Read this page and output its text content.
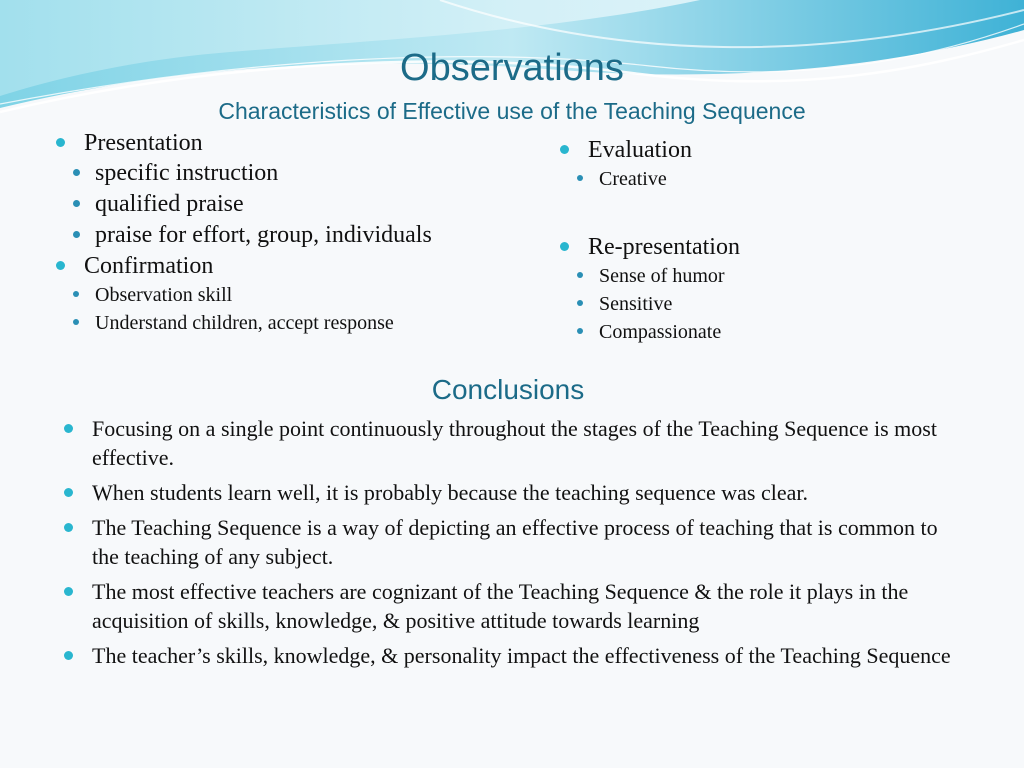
Observations
Characteristics of Effective use of the Teaching Sequence
Presentation
specific instruction
qualified praise
praise for effort, group, individuals
Confirmation
Observation skill
Understand children, accept response
Evaluation
Creative
Re-presentation
Sense of humor
Sensitive
Compassionate
Conclusions
Focusing on a single point continuously throughout the stages of the Teaching Sequence is most effective.
When students learn well, it is probably because the teaching sequence was clear.
The Teaching Sequence is a way of depicting an effective process of teaching that is common to the teaching of any subject.
The most effective teachers are cognizant of the Teaching Sequence & the role it plays in the acquisition of skills, knowledge, & positive attitude towards learning
The teacher’s skills, knowledge, & personality impact the effectiveness of the Teaching Sequence
